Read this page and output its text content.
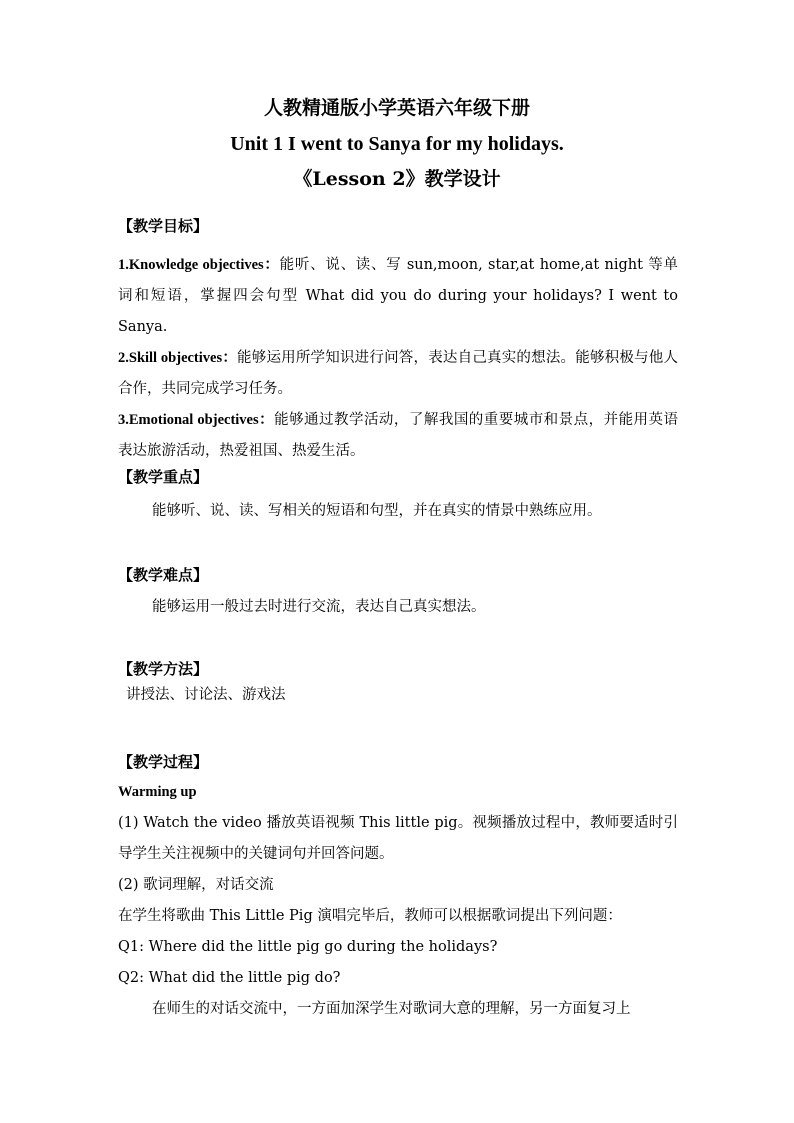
人教精通版小学英语六年级下册
Unit 1 I went to Sanya for my holidays.
《Lesson 2》教学设计

【教学目标】

1.Knowledge objectives：能听、说、读、写 sun,moon, star,at home,at night 等单词和短语，掌握四会句型 What did you do during your holidays? I went to Sanya.

2.Skill objectives：能够运用所学知识进行问答，表达自己真实的想法。能够积极与他人合作，共同完成学习任务。

3.Emotional objectives：能够通过教学活动，了解我国的重要城市和景点，并能用英语表达旅游活动，热爱祖国、热爱生活。

【教学重点】

能够听、说、读、写相关的短语和句型，并在真实的情景中熟练应用。

【教学难点】

能够运用一般过去时进行交流，表达自己真实想法。

【教学方法】

讲授法、讨论法、游戏法

【教学过程】

Warming up

(1) Watch the video 播放英语视频 This little pig。视频播放过程中，教师要适时引导学生关注视频中的关键词句并回答问题。

(2) 歌词理解，对话交流

在学生将歌曲 This Little Pig 演唱完毕后，教师可以根据歌词提出下列问题：

Q1: Where did the little pig go during the holidays?

Q2: What did the little pig do?

在师生的对话交流中，一方面加深学生对歌词大意的理解，另一方面复习上
